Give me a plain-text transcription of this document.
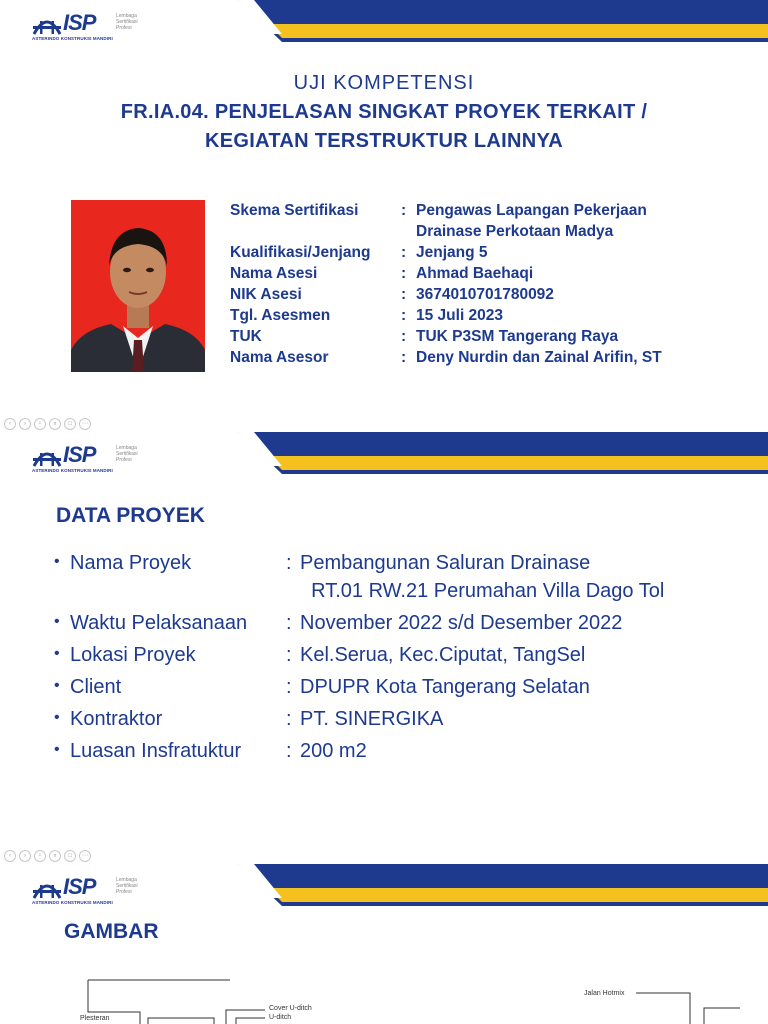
ISP	Lembaga
Sertifikasi
Profesi
ASTERINDO KONSTRUKSI MANDIRI
UJI KOMPETENSI
FR.IA.04. PENJELASAN SINGKAT PROYEK TERKAIT /
KEGIATAN TERSTRUKTUR LAINNYA
Skema Sertifikasi	: Pengawas Lapangan Pekerjaan
Drainase Perkotaan Madya
Kualifikasi/Jenjang : Jenjang 5
Nama Asesi	: Ahmad Baehaqi
NIK Asesi	: 3674010701780092
Tgl. Asesmen	: 15 Juli 2023
TUK	: TUK P3SM Tangerang Raya
Nama Asesor	: Deny Nurdin dan Zainal Arifin, ST
‹	›	▫	⌕	□	⋯
ISP	Lembaga
Sertifikasi
Profesi
ASTERINDO KONSTRUKSI MANDIRI
DATA PROYEK
• Nama Proyek	: Pembangunan Saluran Drainase
RT.01 RW.21 Perumahan Villa Dago Tol
• Waktu Pelaksanaan : November 2022 s/d Desember 2022
• Lokasi Proyek	: Kel.Serua, Kec.Ciputat, TangSel
• Client	: DPUPR Kota Tangerang Selatan
• Kontraktor	: PT. SINERGIKA
• Luasan Insfratuktur : 200 m2
‹	›	▫	⌕	□	⋯
ISP	Lembaga
Sertifikasi
Profesi
ASTERINDO KONSTRUKSI MANDIRI
GAMBAR
Cover U-ditch
U-ditch
Jalan Hotmix
Plesteran
